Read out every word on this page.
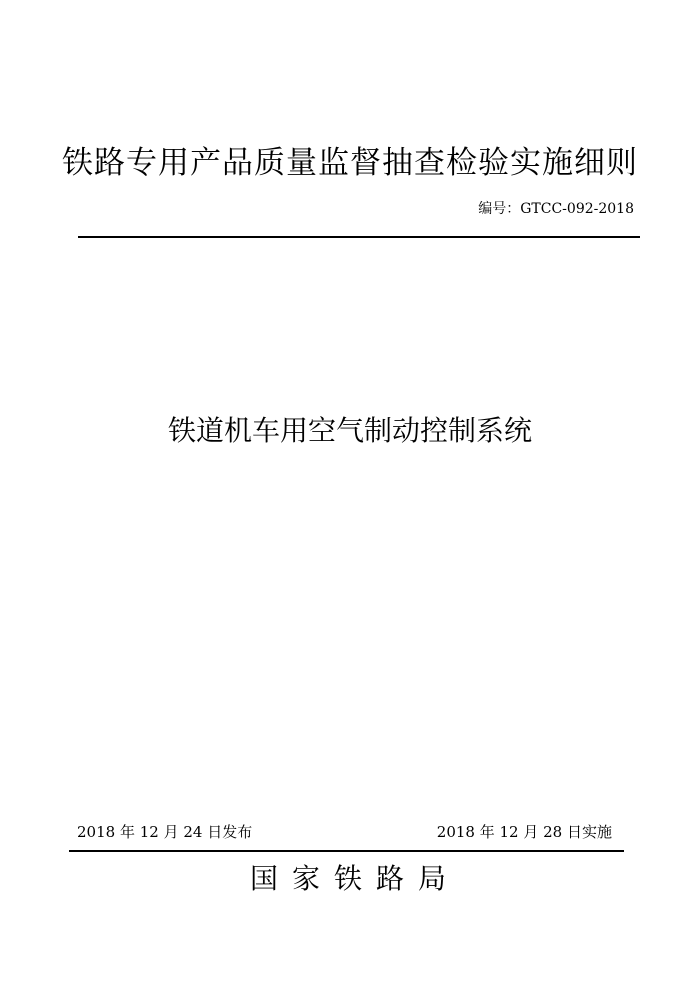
铁路专用产品质量监督抽查检验实施细则
编号：GTCC-092-2018
铁道机车用空气制动控制系统
2018 年 12 月 24 日发布	2018 年 12 月 28 日实施
国家铁路局
